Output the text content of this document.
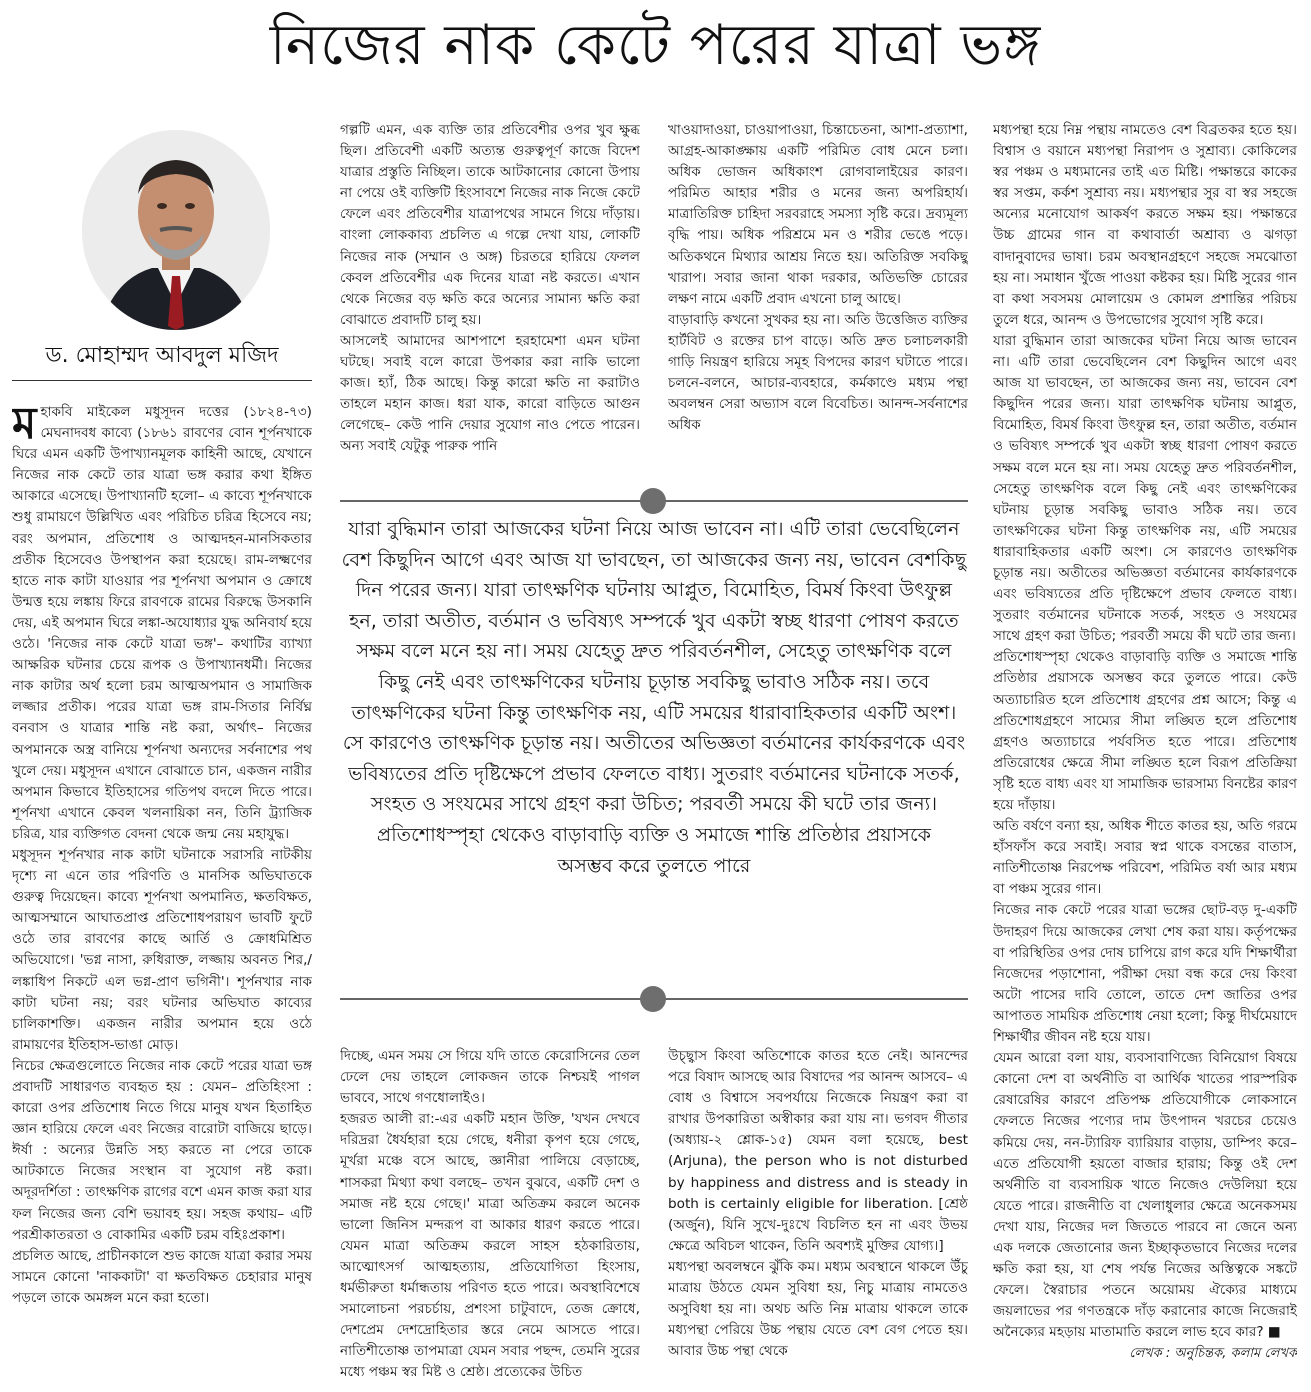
নিজের নাক কেটে পরের যাত্রা ভঙ্গ
ড. মোহাম্মদ আবদুল মজিদ

মহাকবি মাইকেল মধুসূদন দত্তের (১৮২৪-৭৩) মেঘনাদবধ কাব্যে (১৮৬১ রাবণের বোন শূর্পনখাকে ঘিরে এমন একটি উপাখ্যানমূলক কাহিনী আছে, যেখানে নিজের নাক কেটে তার যাত্রা ভঙ্গ করার কথা ইঙ্গিত আকারে এসেছে। উপাখ্যানটি হলো– এ কাব্যে শূর্পনখাকে শুধু রামায়ণে উল্লিখিত এবং পরিচিত চরিত্র হিসেবে নয়; বরং অপমান, প্রতিশোধ ও আত্মদহন-মানসিকতার প্রতীক হিসেবেও উপস্থাপন করা হয়েছে। রাম-লক্ষ্মণের হাতে নাক কাটা যাওয়ার পর শূর্পনখা অপমান ও ক্রোধে উন্মত্ত হয়ে লঙ্কায় ফিরে রাবণকে রামের বিরুদ্ধে উসকানি দেয়, এই অপমান ঘিরে লঙ্কা-অযোধ্যার যুদ্ধ অনিবার্য হয়ে ওঠে। 'নিজের নাক কেটে যাত্রা ভঙ্গ'– কথাটির ব্যাখ্যা আক্ষরিক ঘটনার চেয়ে রূপক ও উপাখ্যানধর্মী। নিজের নাক কাটার অর্থ হলো চরম আত্মঅপমান ও সামাজিক লজ্জার প্রতীক। পরের যাত্রা ভঙ্গ রাম-সিতার নির্বিঘ্ন বনবাস ও যাত্রার শান্তি নষ্ট করা, অর্থাৎ– নিজের অপমানকে অস্ত্র বানিয়ে শূর্পনখা অন্যদের সর্বনাশের পথ খুলে দেয়। মধুসূদন এখানে বোঝাতে চান, একজন নারীর অপমান কিভাবে ইতিহাসের গতিপথ বদলে দিতে পারে। শূর্পনখা এখানে কেবল খলনায়িকা নন, তিনি ট্র্যাজিক চরিত্র, যার ব্যক্তিগত বেদনা থেকে জন্ম নেয় মহাযুদ্ধ।

মধুসূদন শূর্পনখার নাক কাটা ঘটনাকে সরাসরি নাটকীয় দৃশ্যে না এনে তার পরিণতি ও মানসিক অভিঘাতকে গুরুত্ব দিয়েছেন। কাব্যে শূর্পনখা অপমানিত, ক্ষতবিক্ষত, আত্মসম্মানে আঘাতপ্রাপ্ত প্রতিশোধপরায়ণ ভাবটি ফুটে ওঠে তার রাবণের কাছে আর্তি ও ক্রোধমিশ্রিত অভিযোগে। 'ভগ্ন নাসা, রুধিরাক্ত, লজ্জায় অবনত শির,/লঙ্কাধিপ নিকটে এল ভগ্ন-প্রাণ ভগিনী'। শূর্পনখার নাক কাটা ঘটনা নয়; বরং ঘটনার অভিঘাত কাব্যের চালিকাশক্তি। একজন নারীর অপমান হয়ে ওঠে রামায়ণের ইতিহাস-ভাঙা মোড়।

নিচের ক্ষেত্রগুলোতে নিজের নাক কেটে পরের যাত্রা ভঙ্গ প্রবাদটি সাধারণত ব্যবহৃত হয় : যেমন– প্রতিহিংসা : কারো ওপর প্রতিশোধ নিতে গিয়ে মানুষ যখন হিতাহিত জ্ঞান হারিয়ে ফেলে এবং নিজের বারোটা বাজিয়ে ছাড়ে। ঈর্ষা : অন্যের উন্নতি সহ্য করতে না পেরে তাকে আটকাতে নিজের সংস্থান বা সুযোগ নষ্ট করা। অদূরদর্শিতা : তাৎক্ষণিক রাগের বশে এমন কাজ করা যার ফল নিজের জন্য বেশি ভয়াবহ হয়। সহজ কথায়– এটি পরশ্রীকাতরতা ও বোকামির একটি চরম বহিঃপ্রকাশ।

প্রচলিত আছে, প্রাচীনকালে শুভ কাজে যাত্রা করার সময় সামনে কোনো 'নাককাটা' বা ক্ষতবিক্ষত চেহারার মানুষ পড়লে তাকে অমঙ্গল মনে করা হতো।

গল্পটি এমন, এক ব্যক্তি তার প্রতিবেশীর ওপর খুব ক্ষুব্ধ ছিল। প্রতিবেশী একটি অত্যন্ত গুরুত্বপূর্ণ কাজে বিদেশ যাত্রার প্রস্তুতি নিচ্ছিল। তাকে আটকানোর কোনো উপায় না পেয়ে ওই ব্যক্তিটি হিংসাবশে নিজের নাক নিজে কেটে ফেলে এবং প্রতিবেশীর যাত্রাপথের সামনে গিয়ে দাঁড়ায়। বাংলা লোককাব্য প্রচলিত এ গল্পে দেখা যায়, লোকটি নিজের নাক (সম্মান ও অঙ্গ) চিরতরে হারিয়ে ফেলল কেবল প্রতিবেশীর এক দিনের যাত্রা নষ্ট করতে। এখান থেকে নিজের বড় ক্ষতি করে অন্যের সামান্য ক্ষতি করা বোঝাতে প্রবাদটি চালু হয়।

আসলেই আমাদের আশপাশে হরহামেশা এমন ঘটনা ঘটছে। সবাই বলে কারো উপকার করা নাকি ভালো কাজ। হ্যাঁ, ঠিক আছে। কিন্তু কারো ক্ষতি না করাটাও তাহলে মহান কাজ। ধরা যাক, কারো বাড়িতে আগুন লেগেছে– কেউ পানি দেয়ার সুযোগ নাও পেতে পারেন। অন্য সবাই যেটুকু পারুক পানি

খাওয়াদাওয়া, চাওয়াপাওয়া, চিন্তাচেতনা, আশা-প্রত্যাশা, আগ্রহ-আকাঙ্ক্ষায় একটি পরিমিত বোধ মেনে চলা। অধিক ভোজন অধিকাংশ রোগবালাইয়ের কারণ। পরিমিত আহার শরীর ও মনের জন্য অপরিহার্য। মাত্রাতিরিক্ত চাহিদা সরবরাহে সমস্যা সৃষ্টি করে। দ্রব্যমূল্য বৃদ্ধি পায়। অধিক পরিশ্রমে মন ও শরীর ভেঙে পড়ে। অতিকথনে মিথ্যার আশ্রয় নিতে হয়। অতিরিক্ত সবকিছু খারাপ। সবার জানা থাকা দরকার, অতিভক্তি চোরের লক্ষণ নামে একটি প্রবাদ এখনো চালু আছে।

বাড়াবাড়ি কখনো সুখকর হয় না। অতি উত্তেজিত ব্যক্তির হার্টবিট ও রক্তের চাপ বাড়ে। অতি দ্রুত চলাচলকারী গাড়ি নিয়ন্ত্রণ হারিয়ে সমূহ বিপদের কারণ ঘটাতে পারে। চলনে-বলনে, আচার-ব্যবহারে, কর্মকাণ্ডে মধ্যম পন্থা অবলম্বন সেরা অভ্যাস বলে বিবেচিত। আনন্দ-সর্বনাশের অধিক

যারা বুদ্ধিমান তারা আজকের ঘটনা নিয়ে আজ ভাবেন না। এটি তারা ভেবেছিলেন বেশ কিছুদিন আগে এবং আজ যা ভাবছেন, তা আজকের জন্য নয়, ভাবেন বেশকিছু দিন পরের জন্য। যারা তাৎক্ষণিক ঘটনায় আপ্লুত, বিমোহিত, বিমর্ষ কিংবা উৎফুল্ল হন, তারা অতীত, বর্তমান ও ভবিষ্যৎ সম্পর্কে খুব একটা স্বচ্ছ ধারণা পোষণ করতে সক্ষম বলে মনে হয় না। সময় যেহেতু দ্রুত পরিবর্তনশীল, সেহেতু তাৎক্ষণিক বলে কিছু নেই এবং তাৎক্ষণিকের ঘটনায় চূড়ান্ত সবকিছু ভাবাও সঠিক নয়। তবে তাৎক্ষণিকের ঘটনা কিন্তু তাৎক্ষণিক নয়, এটি সময়ের ধারাবাহিকতার একটি অংশ। সে কারণেও তাৎক্ষণিক চূড়ান্ত নয়। অতীতের অভিজ্ঞতা বর্তমানের কার্যকরণকে এবং ভবিষ্যতের প্রতি দৃষ্টিক্ষেপে প্রভাব ফেলতে বাধ্য। সুতরাং বর্তমানের ঘটনাকে সতর্ক, সংহত ও সংযমের সাথে গ্রহণ করা উচিত; পরবর্তী সময়ে কী ঘটে তার জন্য।

প্রতিশোধস্পৃহা থেকেও বাড়াবাড়ি ব্যক্তি ও সমাজে শান্তি প্রতিষ্ঠার প্রয়াসকে

অসম্ভব করে তুলতে পারে

দিচ্ছে, এমন সময় সে গিয়ে যদি তাতে কেরোসিনের তেল ঢেলে দেয় তাহলে লোকজন তাকে নিশ্চয়ই পাগল ভাববে, সাথে গণধোলাইও।

হজরত আলী রা:-এর একটি মহান উক্তি, 'যখন দেখবে দরিদ্ররা ধৈর্যহারা হয়ে গেছে, ধনীরা কৃপণ হয়ে গেছে, মূর্খরা মঞ্চে বসে আছে, জ্ঞানীরা পালিয়ে বেড়াচ্ছে, শাসকরা মিথ্যা কথা বলছে– তখন বুঝবে, একটি দেশ ও সমাজ নষ্ট হয়ে গেছে।' মাত্রা অতিক্রম করলে অনেক ভালো জিনিস মন্দরূপ বা আকার ধারণ করতে পারে। যেমন মাত্রা অতিক্রম করলে সাহস হঠকারিতায়, আত্মোৎসর্গ আত্মহত্যায়, প্রতিযোগিতা হিংসায়, ধর্মভীরুতা ধর্মান্ধতায় পরিণত হতে পারে। অবস্থাবিশেষে সমালোচনা পরচর্চায়, প্রশংসা চাটুবাদে, তেজ ক্রোধে, দেশপ্রেম দেশদ্রোহিতার স্তরে নেমে আসতে পারে। নাতিশীতোষ্ণ তাপমাত্রা যেমন সবার পছন্দ, তেমনি সুরের মধ্যে পঞ্চম স্বর মিষ্ট ও শ্রেষ্ঠ। প্রত্যেকের উচিত

উচ্ছ্বাস কিংবা অতিশোকে কাতর হতে নেই। আনন্দের পরে বিষাদ আসছে আর বিষাদের পর আনন্দ আসবে– এ বোধ ও বিশ্বাসে সবপর্যায়ে নিজেকে নিয়ন্ত্রণ করা বা রাখার উপকারিতা অস্বীকার করা যায় না। ভগবদ গীতার (অধ্যায়-২ শ্লোক-১৫) যেমন বলা হয়েছে, best (Arjuna), the person who is not disturbed by happiness and distress and is steady in both is certainly eligible for liberation. [শ্রেষ্ঠ (অর্জুন), যিনি সুখে-দুঃখে বিচলিত হন না এবং উভয় ক্ষেত্রে অবিচল থাকেন, তিনি অবশ্যই মুক্তির যোগ্য।]

মধ্যপন্থা অবলম্বনে ঝুঁকি কম। মধ্যম অবস্থানে থাকলে উঁচু মাত্রায় উঠতে যেমন সুবিধা হয়, নিচু মাত্রায় নামতেও অসুবিধা হয় না। অথচ অতি নিম্ন মাত্রায় থাকলে তাকে মধ্যপন্থা পেরিয়ে উচ্চ পন্থায় যেতে বেশ বেগ পেতে হয়। আবার উচ্চ পন্থা থেকে

মধ্যপন্থা হয়ে নিম্ন পন্থায় নামতেও বেশ বিব্রতকর হতে হয়। বিশ্বাস ও বয়ানে মধ্যপন্থা নিরাপদ ও সুশ্রাব্য। কোকিলের স্বর পঞ্চম ও মধ্যমানের তাই এত মিষ্টি। পক্ষান্তরে কাকের স্বর সপ্তম, কর্কশ সুশ্রাব্য নয়। মধ্যপন্থার সুর বা স্বর সহজে অন্যের মনোযোগ আকর্ষণ করতে সক্ষম হয়। পক্ষান্তরে উচ্চ গ্রামের গান বা কথাবার্তা অশ্রাব্য ও ঝগড়া বাদানুবাদের ভাষা। চরম অবস্থানগ্রহণে সহজে সমঝোতা হয় না। সমাধান খুঁজে পাওয়া কষ্টকর হয়। মিষ্টি সুরের গান বা কথা সবসময় মোলায়েম ও কোমল প্রশান্তির পরিচয় তুলে ধরে, আনন্দ ও উপভোগের সুযোগ সৃষ্টি করে।

যারা বুদ্ধিমান তারা আজকের ঘটনা নিয়ে আজ ভাবেন না। এটি তারা ভেবেছিলেন বেশ কিছুদিন আগে এবং আজ যা ভাবছেন, তা আজকের জন্য নয়, ভাবেন বেশ কিছুদিন পরের জন্য। যারা তাৎক্ষণিক ঘটনায় আপ্লুত, বিমোহিত, বিমর্ষ কিংবা উৎফুল্ল হন, তারা অতীত, বর্তমান ও ভবিষ্যৎ সম্পর্কে খুব একটা স্বচ্ছ ধারণা পোষণ করতে সক্ষম বলে মনে হয় না। সময় যেহেতু দ্রুত পরিবর্তনশীল, সেহেতু তাৎক্ষণিক বলে কিছু নেই এবং তাৎক্ষণিকের ঘটনায় চূড়ান্ত সবকিছু ভাবাও সঠিক নয়। তবে তাৎক্ষণিকের ঘটনা কিন্তু তাৎক্ষণিক নয়, এটি সময়ের ধারাবাহিকতার একটি অংশ। সে কারণেও তাৎক্ষণিক চূড়ান্ত নয়। অতীতের অভিজ্ঞতা বর্তমানের কার্যকারণকে এবং ভবিষ্যতের প্রতি দৃষ্টিক্ষেপে প্রভাব ফেলতে বাধ্য। সুতরাং বর্তমানের ঘটনাকে সতর্ক, সংহত ও সংযমের সাথে গ্রহণ করা উচিত; পরবর্তী সময়ে কী ঘটে তার জন্য।

প্রতিশোধস্পৃহা থেকেও বাড়াবাড়ি ব্যক্তি ও সমাজে শান্তি প্রতিষ্ঠার প্রয়াসকে অসম্ভব করে তুলতে পারে। কেউ অত্যাচারিত হলে প্রতিশোধ গ্রহণের প্রশ্ন আসে; কিন্তু এ প্রতিশোধগ্রহণে সাম্যের সীমা লঙ্ঘিত হলে প্রতিশোধ গ্রহণও অত্যাচারে পর্যবসিত হতে পারে। প্রতিশোধ প্রতিরোধের ক্ষেত্রে সীমা লঙ্ঘিত হলে বিরূপ প্রতিক্রিয়া সৃষ্টি হতে বাধ্য এবং যা সামাজিক ভারসাম্য বিনষ্টের কারণ হয়ে দাঁড়ায়।

অতি বর্ষণে বন্যা হয়, অধিক শীতে কাতর হয়, অতি গরমে হাঁসফাঁস করে সবাই। সবার স্বপ্ন থাকে বসন্তের বাতাস, নাতিশীতোষ্ণ নিরপেক্ষ পরিবেশ, পরিমিত বর্ষা আর মধ্যম বা পঞ্চম সুরের গান।

নিজের নাক কেটে পরের যাত্রা ভঙ্গের ছোট-বড় দু-একটি উদাহরণ দিয়ে আজকের লেখা শেষ করা যায়। কর্তৃপক্ষের বা পরিস্থিতির ওপর দোষ চাপিয়ে রাগ করে যদি শিক্ষার্থীরা নিজেদের পড়াশোনা, পরীক্ষা দেয়া বন্ধ করে দেয় কিংবা অটো পাসের দাবি তোলে, তাতে দেশ জাতির ওপর আপাতত সাময়িক প্রতিশোধ নেয়া হলো; কিন্তু দীর্ঘমেয়াদে শিক্ষার্থীর জীবন নষ্ট হয়ে যায়।

যেমন আরো বলা যায়, ব্যবসাবাণিজ্যে বিনিয়োগ বিষয়ে কোনো দেশ বা অর্থনীতি বা আর্থিক খাতের পারস্পরিক রেষারেষির কারণে প্রতিপক্ষ প্রতিযোগীকে লোকসানে ফেলতে নিজের পণ্যের দাম উৎপাদন খরচের চেয়েও কমিয়ে দেয়, নন-ট্যারিফ ব্যারিয়ার বাড়ায়, ডাম্পিং করে– এতে প্রতিযোগী হয়তো বাজার হারায়; কিন্তু ওই দেশ অর্থনীতি বা ব্যবসায়িক খাতে নিজেও দেউলিয়া হয়ে যেতে পারে। রাজনীতি বা খেলাধুলার ক্ষেত্রে অনেকসময় দেখা যায়, নিজের দল জিততে পারবে না জেনে অন্য এক দলকে জেতানোর জন্য ইচ্ছাকৃতভাবে নিজের দলের ক্ষতি করা হয়, যা শেষ পর্যন্ত নিজের অস্তিত্বকে সঙ্কটে ফেলে। স্বৈরাচার পতনে অয়োময় ঐক্যের মাধ্যমে জয়লাভের পর গণতন্ত্রকে দাঁড় করানোর কাজে নিজেরাই অনৈক্যের মহড়ায় মাতামাতি করলে লাভ হবে কার? ■

লেখক : অনুচিন্তক, কলাম লেখক
